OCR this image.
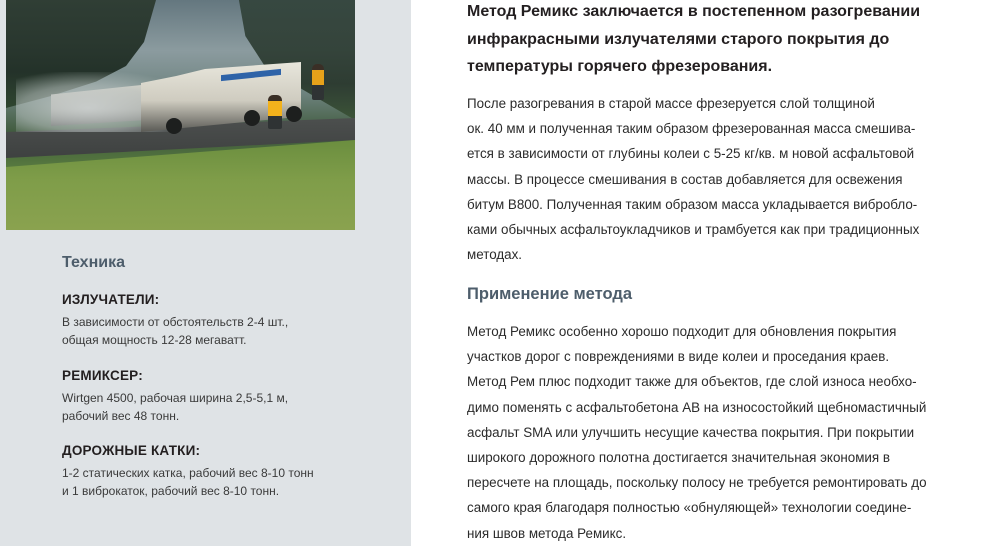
Техника

ИЗЛУЧАТЕЛИ:

В зависимости от обстоятельств 2-4 шт.,
общая мощность 12-28 мегаватт.

РЕМИКСЕР:

Wirtgen 4500, рабочая ширина 2,5-5,1 м,
рабочий вес 48 тонн.

ДОРОЖНЫЕ КАТКИ:

1-2 статических катка, рабочий вес 8-10 тонн
и 1 виброкаток, рабочий вес 8-10 тонн.

Метод Ремикс заключается в постепенном разогревании
инфракрасными излучателями старого покрытия до
температуры горячего фрезерования.

После разогревания в старой массе фрезеруется слой толщиной
ок. 40 мм и полученная таким образом фрезерованная масса смешива-
ется в зависимости от глубины колеи с 5-25 кг/кв. м новой асфальтовой
массы. В процессе смешивания в состав добавляется для освежения
битум В800. Полученная таким образом масса укладывается вибробло-
ками обычных асфальтоукладчиков и трамбуется как при традиционных
методах.

Применение метода

Метод Ремикс особенно хорошо подходит для обновления покрытия
участков дорог с повреждениями в виде колеи и проседания краев.
Метод Рем плюс подходит также для объектов, где слой износа необхо-
димо поменять с асфальтобетона АВ на износостойкий щебномастичный
асфальт SMA или улучшить несущие качества покрытия. При покрытии
широкого дорожного полотна достигается значительная экономия в
пересчете на площадь, поскольку полосу не требуется ремонтировать до
самого края благодаря полностью «обнуляющей» технологии соедине-
ния швов метода Ремикс.
